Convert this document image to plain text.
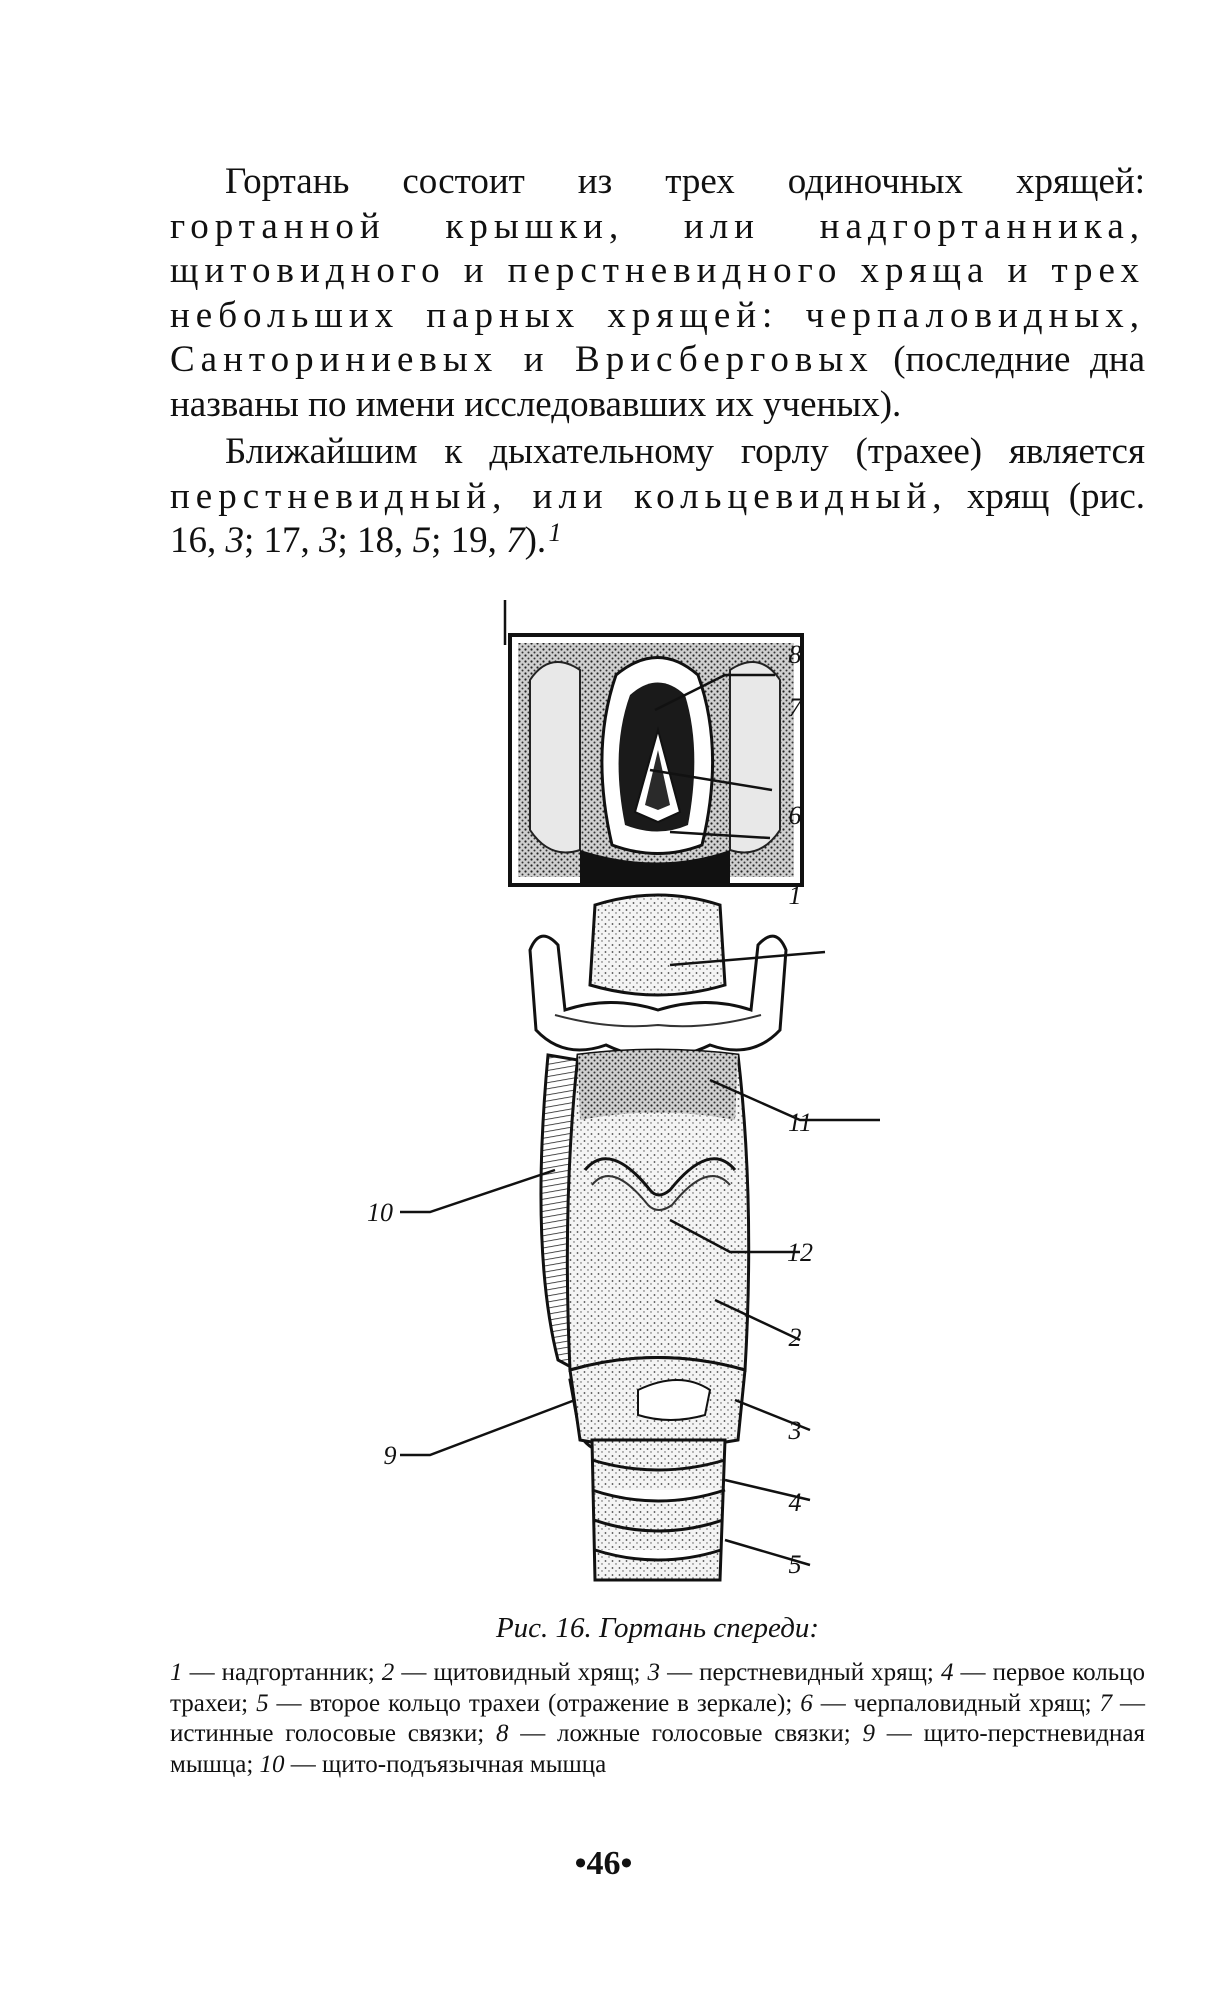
Гортань состоит из трех одиночных хрящей: гортанной крышки, или надгортанника, щитовидного и перстневидного хряща и трех небольших парных хрящей: черпаловидных, Санториниевых и Врисберговых (последние дна названы по имени исследовавших их ученых).

Ближайшим к дыхательному горлу (трахее) является перстневидный, или кольцевидный, хрящ (рис. 16, 3; 17, 3; 18, 5; 19, 7). 1
8
7
6
1
11
10
12
2
3
9
4
5
Рис. 16. Гортань спереди:

1 — надгортанник; 2 — щитовидный хрящ; 3 — перстневидный хрящ; 4 — первое кольцо трахеи; 5 — второе кольцо трахеи (отражение в зеркале); 6 — черпаловидный хрящ; 7 — истинные голосовые связки; 8 — ложные голосовые связки; 9 — щито-перстневидная мышца; 10 — щито-подъязычная мышца

•46•
